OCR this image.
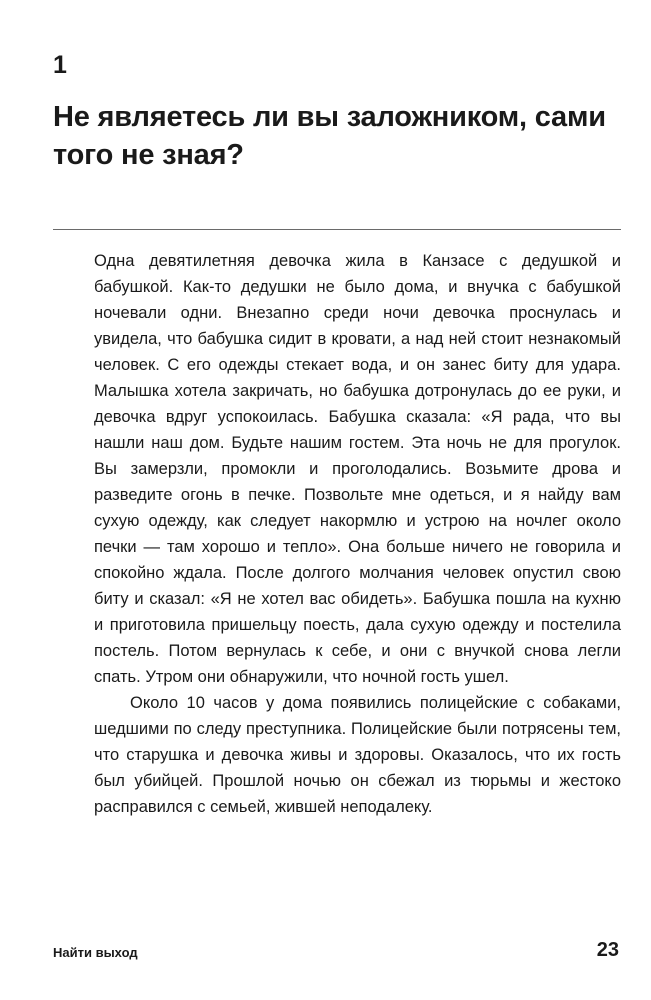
1
Не являетесь ли вы заложником, сами того не зная?

Одна девятилетняя девочка жила в Канзасе с дедушкой и бабушкой. Как-то дедушки не было дома, и внучка с бабушкой ночевали одни. Внезапно среди ночи девочка проснулась и увидела, что бабушка сидит в кровати, а над ней стоит незнакомый человек. С его одежды стекает вода, и он занес биту для удара. Малышка хотела закричать, но бабушка дотронулась до ее руки, и девочка вдруг успокоилась. Бабушка сказала: «Я рада, что вы нашли наш дом. Будьте нашим гостем. Эта ночь не для прогулок. Вы замерзли, промокли и проголодались. Возьмите дрова и разведите огонь в печке. Позвольте мне одеться, и я найду вам сухую одежду, как следует накормлю и устрою на ночлег около печки — там хорошо и тепло». Она больше ничего не говорила и спокойно ждала. После долгого молчания человек опустил свою биту и сказал: «Я не хотел вас обидеть». Бабушка пошла на кухню и приготовила пришельцу поесть, дала сухую одежду и постелила постель. Потом вернулась к себе, и они с внучкой снова легли спать. Утром они обнаружили, что ночной гость ушел.

Около 10 часов у дома появились полицейские с собаками, шедшими по следу преступника. Полицейские были потрясены тем, что старушка и девочка живы и здоровы. Оказалось, что их гость был убийцей. Прошлой ночью он сбежал из тюрьмы и жестоко расправился с семьей, жившей неподалеку.

Найти выход	23
